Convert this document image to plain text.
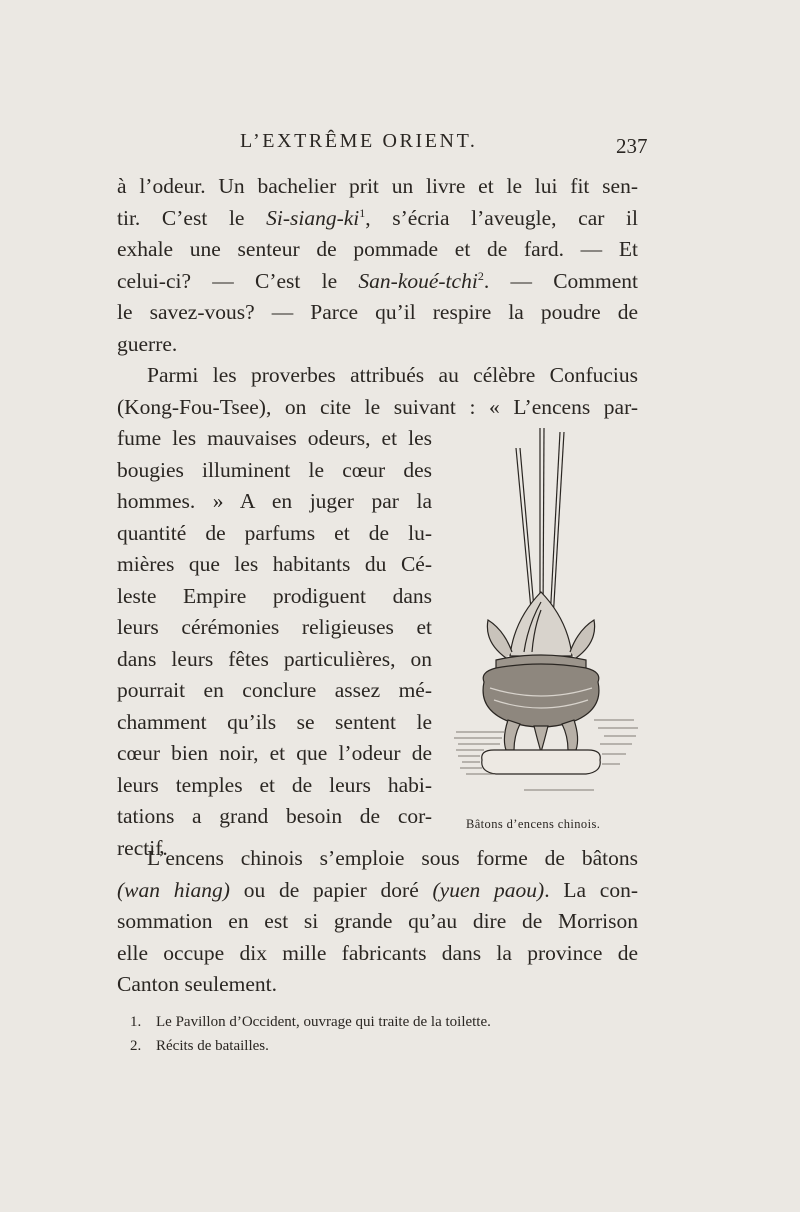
L’EXTRÊME ORIENT.	237
à l’odeur. Un bachelier prit un livre et le lui fit sen-
tir. C’est le $Si-siang-ki^1$, s’écria l’aveugle, car il
exhale une senteur de pommade et de fard. — Et
celui-ci? — C’est le San-koué-tchi$^2$. — Comment
le savez-vous? — Parce qu’il respire la poudre de
guerre.
Parmi les proverbes attribués au célèbre Confucius
(Kong-Fou-Tsee), on cite le suivant : « L’encens par-
fume les mauvaises odeurs, et les
bougies illuminent le cœur des
hommes. » A en juger par la
quantité de parfums et de lu-
mières que les habitants du Cé-
leste Empire prodiguent dans
leurs cérémonies religieuses et
dans leurs fêtes particulières, on
pourrait en conclure assez mé-
chamment qu’ils se sentent le
cœur bien noir, et que l’odeur de
leurs temples et de leurs habi-
tations a grand besoin de cor-
rectif.
Bâtons d’encens chinois.
L’encens chinois s’emploie sous forme de bâtons
(wan hiang) ou de papier doré (yuen paou). La con-
sommation en est si grande qu’au dire de Morrison
elle occupe dix mille fabricants dans la province de
Canton seulement.
1. Le Pavillon d’Occident, ouvrage qui traite de la toilette.
2. Récits de batailles.
